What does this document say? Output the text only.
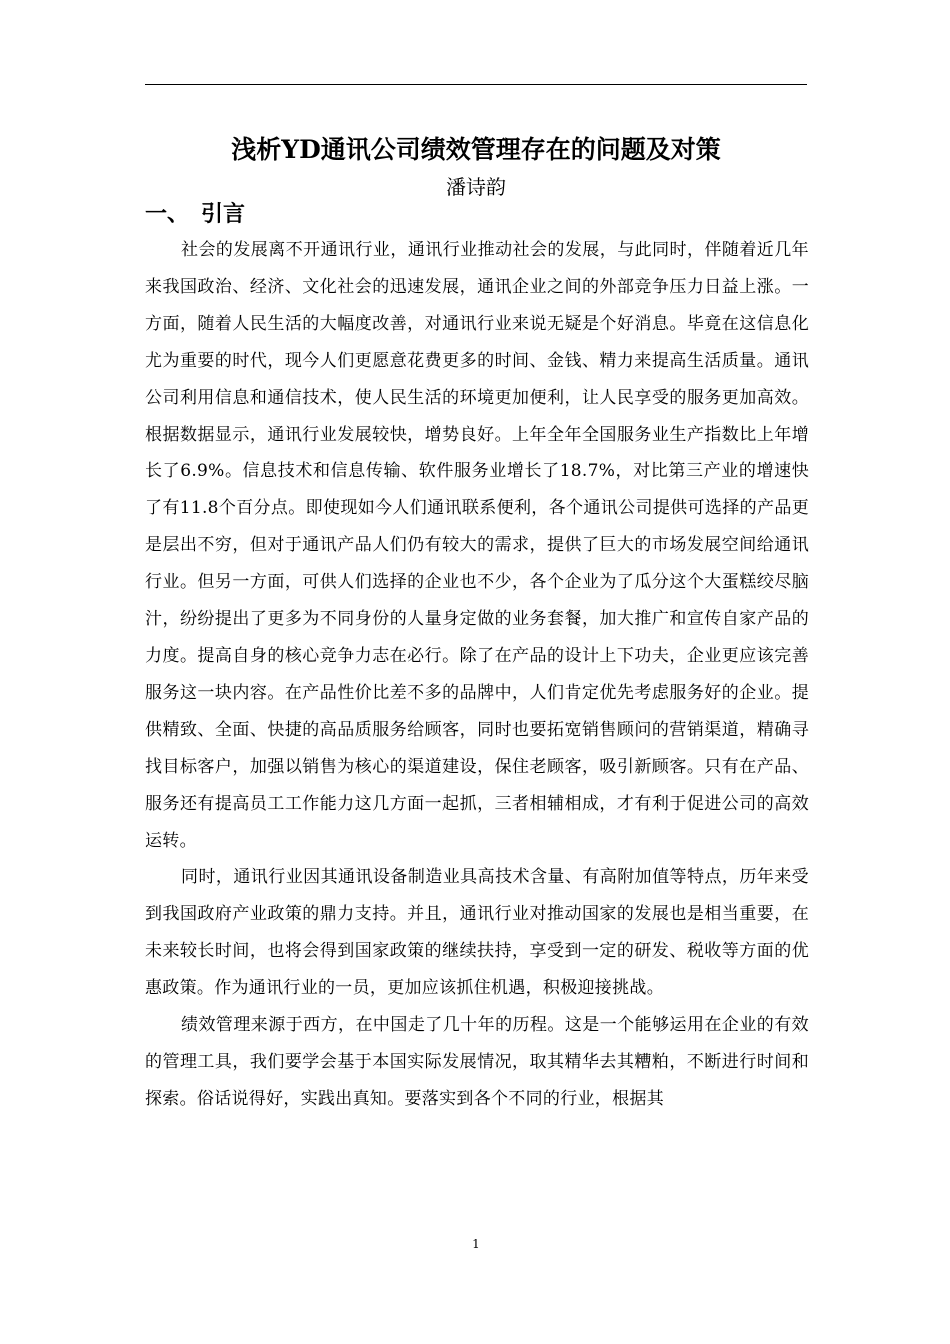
浅析YD通讯公司绩效管理存在的问题及对策
潘诗韵
一、 引言

社会的发展离不开通讯行业，通讯行业推动社会的发展，与此同时，伴随着近几年来我国政治、经济、文化社会的迅速发展，通讯企业之间的外部竞争压力日益上涨。一方面，随着人民生活的大幅度改善，对通讯行业来说无疑是个好消息。毕竟在这信息化尤为重要的时代，现今人们更愿意花费更多的时间、金钱、精力来提高生活质量。通讯公司利用信息和通信技术，使人民生活的环境更加便利，让人民享受的服务更加高效。根据数据显示，通讯行业发展较快，增势良好。上年全年全国服务业生产指数比上年增长了6.9%。信息技术和信息传输、软件服务业增长了18.7%，对比第三产业的增速快了有11.8个百分点。即使现如今人们通讯联系便利，各个通讯公司提供可选择的产品更是层出不穷，但对于通讯产品人们仍有较大的需求，提供了巨大的市场发展空间给通讯行业。但另一方面，可供人们选择的企业也不少，各个企业为了瓜分这个大蛋糕绞尽脑汁，纷纷提出了更多为不同身份的人量身定做的业务套餐，加大推广和宣传自家产品的力度。提高自身的核心竞争力志在必行。除了在产品的设计上下功夫，企业更应该完善服务这一块内容。在产品性价比差不多的品牌中，人们肯定优先考虑服务好的企业。提供精致、全面、快捷的高品质服务给顾客，同时也要拓宽销售顾问的营销渠道，精确寻找目标客户，加强以销售为核心的渠道建设，保住老顾客，吸引新顾客。只有在产品、服务还有提高员工工作能力这几方面一起抓，三者相辅相成，才有利于促进公司的高效运转。

同时，通讯行业因其通讯设备制造业具高技术含量、有高附加值等特点，历年来受到我国政府产业政策的鼎力支持。并且，通讯行业对推动国家的发展也是相当重要，在未来较长时间，也将会得到国家政策的继续扶持，享受到一定的研发、税收等方面的优惠政策。作为通讯行业的一员，更加应该抓住机遇，积极迎接挑战。

绩效管理来源于西方，在中国走了几十年的历程。这是一个能够运用在企业的有效的管理工具，我们要学会基于本国实际发展情况，取其精华去其糟粕，不断进行时间和探索。俗话说得好，实践出真知。要落实到各个不同的行业，根据其

1
